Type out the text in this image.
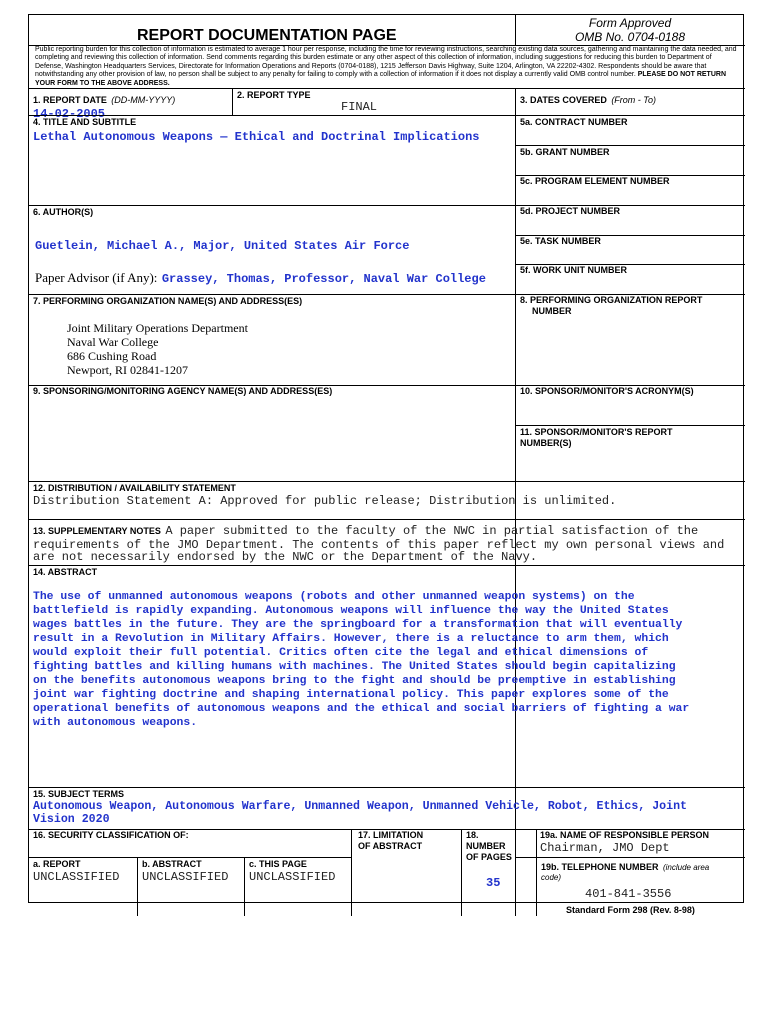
REPORT DOCUMENTATION PAGE
Form Approved
OMB No. 0704-0188
Public reporting burden for this collection of information is estimated to average 1 hour per response, including the time for reviewing instructions, searching existing data sources, gathering and maintaining the data needed, and completing and reviewing this collection of information. Send comments regarding this burden estimate or any other aspect of this collection of information, including suggestions for reducing this burden to Department of Defense, Washington Headquarters Services, Directorate for Information Operations and Reports (0704-0188), 1215 Jefferson Davis Highway, Suite 1204, Arlington, VA 22202-4302. Respondents should be aware that notwithstanding any other provision of law, no person shall be subject to any penalty for failing to comply with a collection of information if it does not display a currently valid OMB control number. PLEASE DO NOT RETURN YOUR FORM TO THE ABOVE ADDRESS.
1. REPORT DATE (DD-MM-YYYY)
14-02-2005
2. REPORT TYPE
FINAL	3. DATES COVERED (From - To)
4. TITLE AND SUBTITLE
Lethal Autonomous Weapons — Ethical and Doctrinal Implications
5a. CONTRACT NUMBER
5b. GRANT NUMBER
5c. PROGRAM ELEMENT NUMBER
6. AUTHOR(S)
Guetlein, Michael A., Major, United States Air Force
Paper Advisor (if Any): Grassey, Thomas, Professor, Naval War College
5d. PROJECT NUMBER
5e. TASK NUMBER
5f. WORK UNIT NUMBER
7. PERFORMING ORGANIZATION NAME(S) AND ADDRESS(ES)
Joint Military Operations Department
Naval War College
686 Cushing Road
Newport, RI 02841-1207
8. PERFORMING ORGANIZATION REPORT
NUMBER
9. SPONSORING/MONITORING AGENCY NAME(S) AND ADDRESS(ES)	10. SPONSOR/MONITOR'S ACRONYM(S)
11. SPONSOR/MONITOR'S REPORT
NUMBER(S)
12. DISTRIBUTION / AVAILABILITY STATEMENT
Distribution Statement A: Approved for public release; Distribution is unlimited.
13. SUPPLEMENTARY NOTES A paper submitted to the faculty of the NWC in partial satisfaction of the
requirements of the JMO Department. The contents of this paper reflect my own personal views and
are not necessarily endorsed by the NWC or the Department of the Navy.
14. ABSTRACT
The use of unmanned autonomous weapons (robots and other unmanned weapon systems) on the
battlefield is rapidly expanding. Autonomous weapons will influence the way the United States
wages battles in the future. They are the springboard for a transformation that will eventually
result in a Revolution in Military Affairs. However, there is a reluctance to arm them, which
would exploit their full potential. Critics often cite the legal and ethical dimensions of
fighting battles and killing humans with machines. The United States should begin capitalizing
on the benefits autonomous weapons bring to the fight and should be preemptive in establishing
joint war fighting doctrine and shaping international policy. This paper explores some of the
operational benefits of autonomous weapons and the ethical and social barriers of fighting a war
with autonomous weapons.
15. SUBJECT TERMS
Autonomous Weapon, Autonomous Warfare, Unmanned Weapon, Unmanned Vehicle, Robot, Ethics, Joint
Vision 2020
16. SECURITY CLASSIFICATION OF:	17. LIMITATION
OF ABSTRACT
18. NUMBER
OF PAGES
35
19a. NAME OF RESPONSIBLE PERSON
Chairman, JMO Dept
a. REPORT
UNCLASSIFIED
b. ABSTRACT
UNCLASSIFIED
c. THIS PAGE
UNCLASSIFIED
19b. TELEPHONE NUMBER (include area
code)
401-841-3556
Standard Form 298 (Rev. 8-98)
